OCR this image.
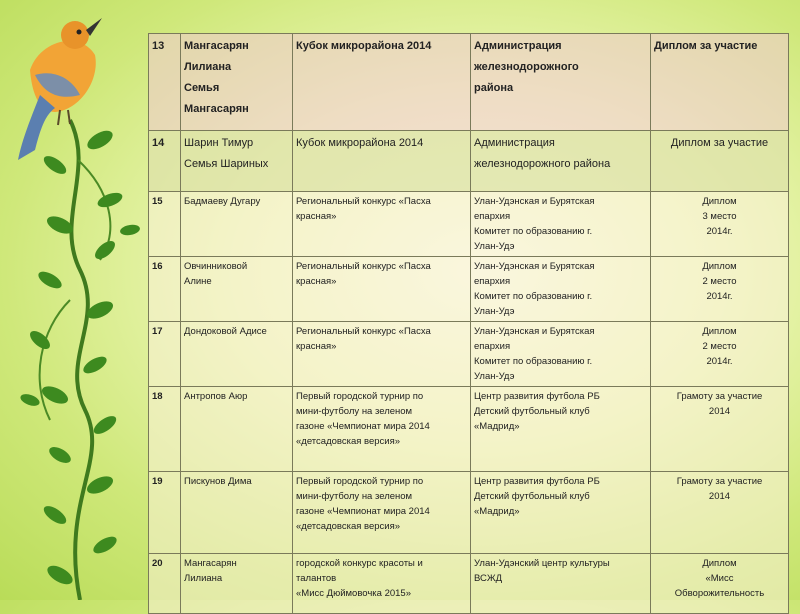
13	Мангасарян
Лилиана
Семья
Мангасарян	Кубок микрорайона 2014	Администрация
железнодорожного
района	Диплом за участие
14	Шарин Тимур
Семья Шариных	Кубок микрорайона 2014	Администрация
железнодорожного района	Диплом за участие
15	Бадмаеву Дугару	Региональный конкурс «Пасха
красная»	Улан-Удэнская и Бурятская
епархия
Комитет по образованию г.
Улан-Удэ	Диплом
3 место
2014г.
16	Овчинниковой
Алине	Региональный конкурс «Пасха
красная»	Улан-Удэнская и Бурятская
епархия
Комитет по образованию г.
Улан-Удэ	Диплом
2 место
2014г.
17	Дондоковой Адисе	Региональный конкурс «Пасха
красная»	Улан-Удэнская и Бурятская
епархия
Комитет по образованию г.
Улан-Удэ	Диплом
2 место
2014г.
18	Антропов Аюр	Первый городской турнир по
мини-футболу на зеленом
газоне «Чемпионат мира 2014
«детсадовская версия»	Центр развития футбола РБ
Детский футбольный клуб
«Мадрид»	Грамоту за участие
2014
19	Пискунов Дима	Первый городской турнир по
мини-футболу на зеленом
газоне «Чемпионат мира 2014
«детсадовская версия»	Центр развития футбола РБ
Детский футбольный клуб
«Мадрид»	Грамоту за участие
2014
20	Мангасарян
Лилиана	городской конкурс красоты и
талантов
«Мисс Дюймовочка 2015»	Улан-Удэнский центр культуры
ВСЖД	Диплом
«Мисс
Обворожительность
